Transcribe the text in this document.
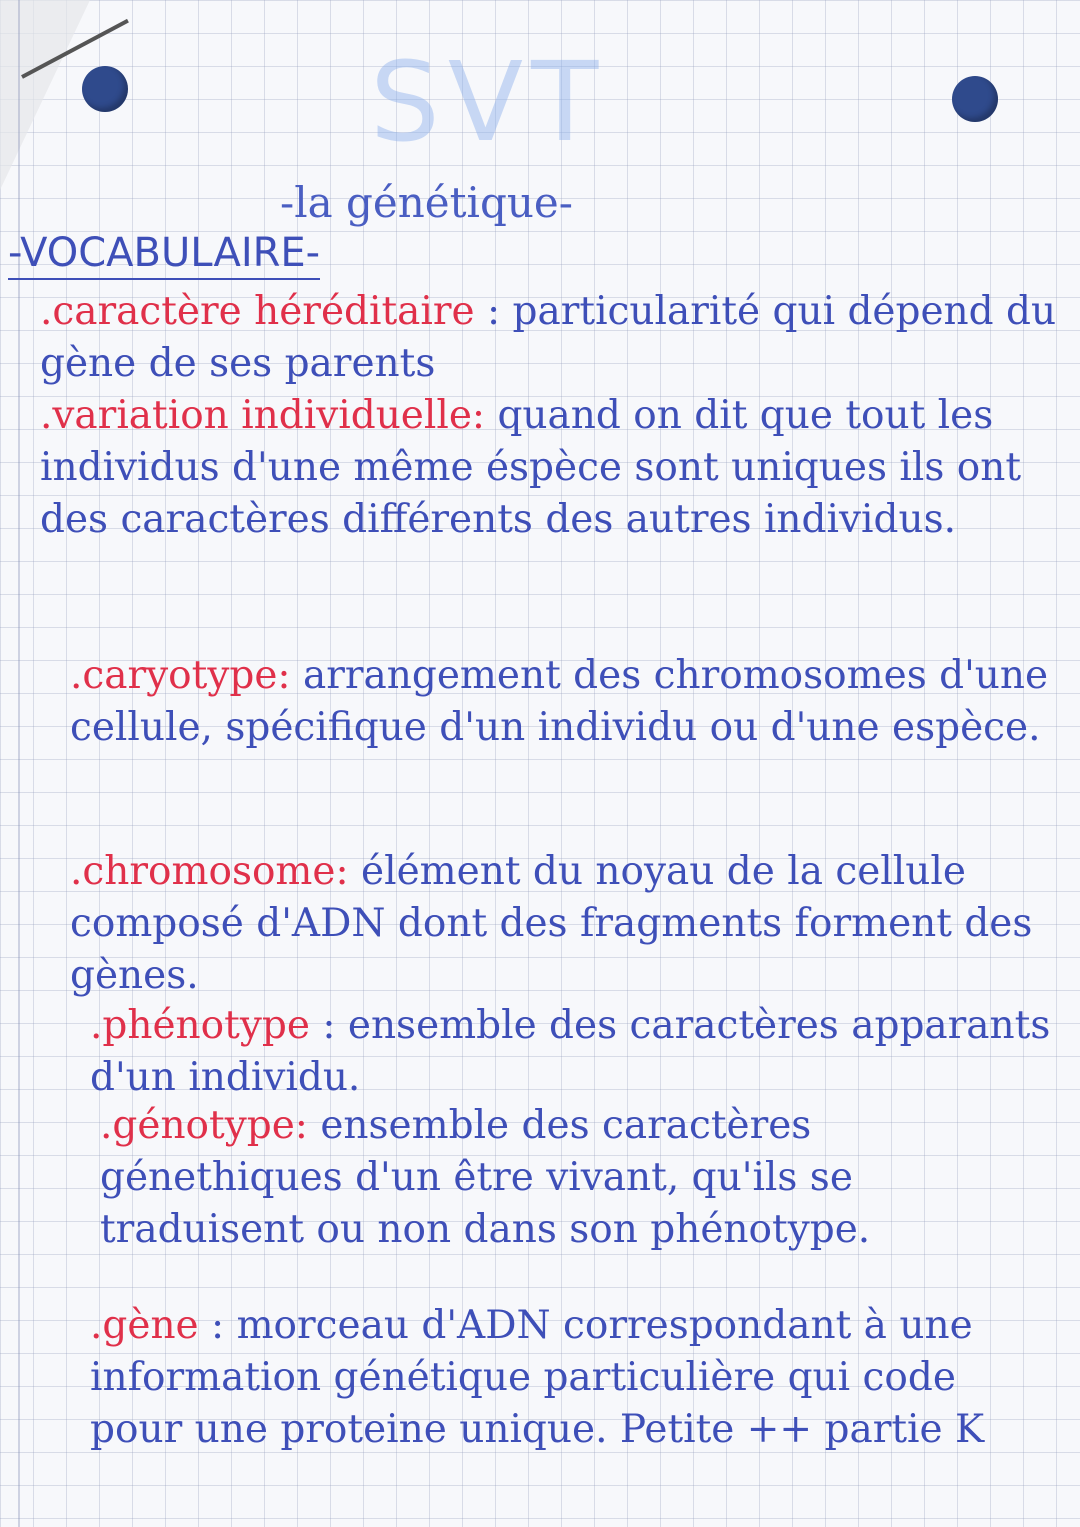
SVT
-la génétique-
-VOCABULAIRE-
.caractère héréditaire : particularité qui dépend du gène de ses parents
.variation individuelle: quand on dit que tout les individus d'une même éspèce sont uniques ils ont des caractères différents des autres individus.
.caryotype: arrangement des chromosomes d'une cellule, spécifique d'un individu ou d'une espèce.
.chromosome: élément du noyau de la cellule composé d'ADN dont des fragments forment des gènes.
.phénotype : ensemble des caractères apparants d'un individu.
.génotype: ensemble des caractères génethiques d'un être vivant, qu'ils se traduisent ou non dans son phénotype.
.gène : morceau d'ADN correspondant à une information génétique particulière qui code pour une proteine unique. Petite ++ partie K
